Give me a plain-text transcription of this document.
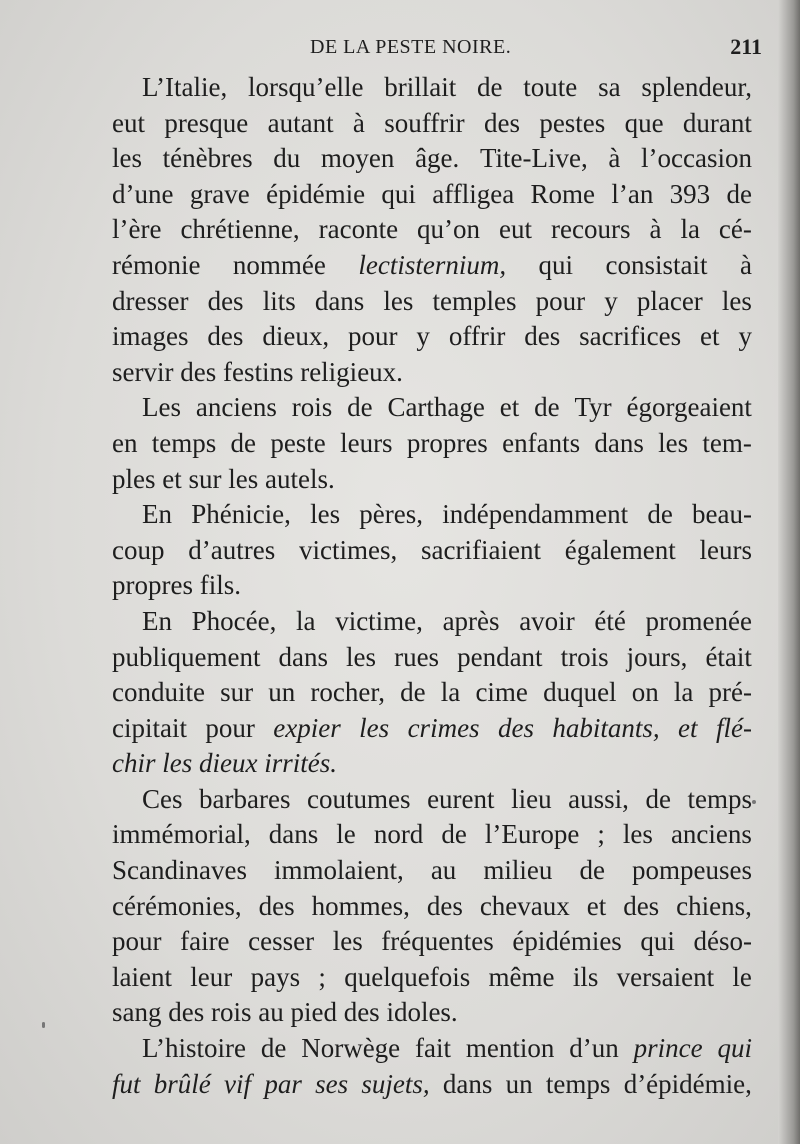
DE LA PESTE NOIRE.	211
L’Italie, lorsqu’elle brillait de toute sa splendeur,
eut presque autant à souffrir des pestes que durant
les ténèbres du moyen âge. Tite-Live, à l’occasion
d’une grave épidémie qui affligea Rome l’an 393 de
l’ère chrétienne, raconte qu’on eut recours à la cé-
rémonie nommée lectisternium, qui consistait à
dresser des lits dans les temples pour y placer les
images des dieux, pour y offrir des sacrifices et y
servir des festins religieux.
Les anciens rois de Carthage et de Tyr égorgeaient
en temps de peste leurs propres enfants dans les tem-
ples et sur les autels.
En Phénicie, les pères, indépendamment de beau-
coup d’autres victimes, sacrifiaient également leurs
propres fils.
En Phocée, la victime, après avoir été promenée
publiquement dans les rues pendant trois jours, était
conduite sur un rocher, de la cime duquel on la pré-
cipitait pour expier les crimes des habitants, et flé-
chir les dieux irrités.
Ces barbares coutumes eurent lieu aussi, de temps
immémorial, dans le nord de l’Europe ; les anciens
Scandinaves immolaient, au milieu de pompeuses
cérémonies, des hommes, des chevaux et des chiens,
pour faire cesser les fréquentes épidémies qui déso-
laient leur pays ; quelquefois même ils versaient le
sang des rois au pied des idoles.
L’histoire de Norwège fait mention d’un prince qui
fut brûlé vif par ses sujets, dans un temps d’épidémie,
